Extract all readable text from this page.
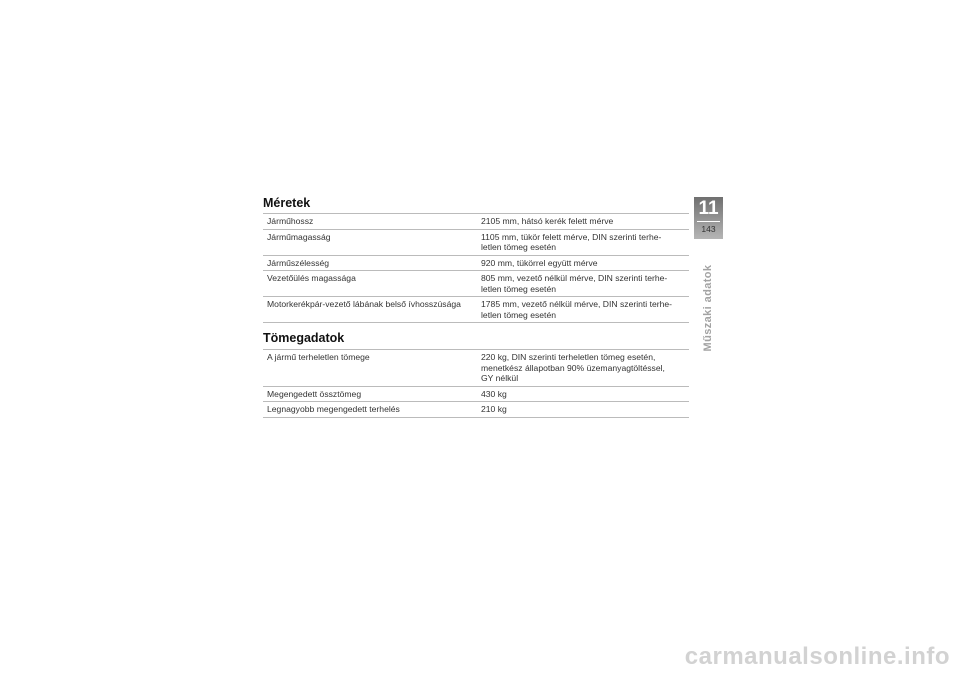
Méretek
Járműhossz	2105 mm, hátsó kerék felett mérve

Járműmagasság	1105 mm, tükör felett mérve, DIN szerinti terhe-
letlen tömeg esetén

Járműszélesség	920 mm, tükörrel együtt mérve

Vezetőülés magassága	805 mm, vezető nélkül mérve, DIN szerinti terhe-
letlen tömeg esetén

Motorkerékpár-vezető lábának belső ívhosszúsága	1785 mm, vezető nélkül mérve, DIN szerinti terhe-
letlen tömeg esetén
Tömegadatok
A jármű terheletlen tömege	220 kg, DIN szerinti terheletlen tömeg esetén,
menetkész állapotban 90% üzemanyagtöltéssel,
GY nélkül

Megengedett össztömeg	430 kg

Legnagyobb megengedett terhelés	210 kg
11
143
Műszaki adatok
carmanualsonline.info
